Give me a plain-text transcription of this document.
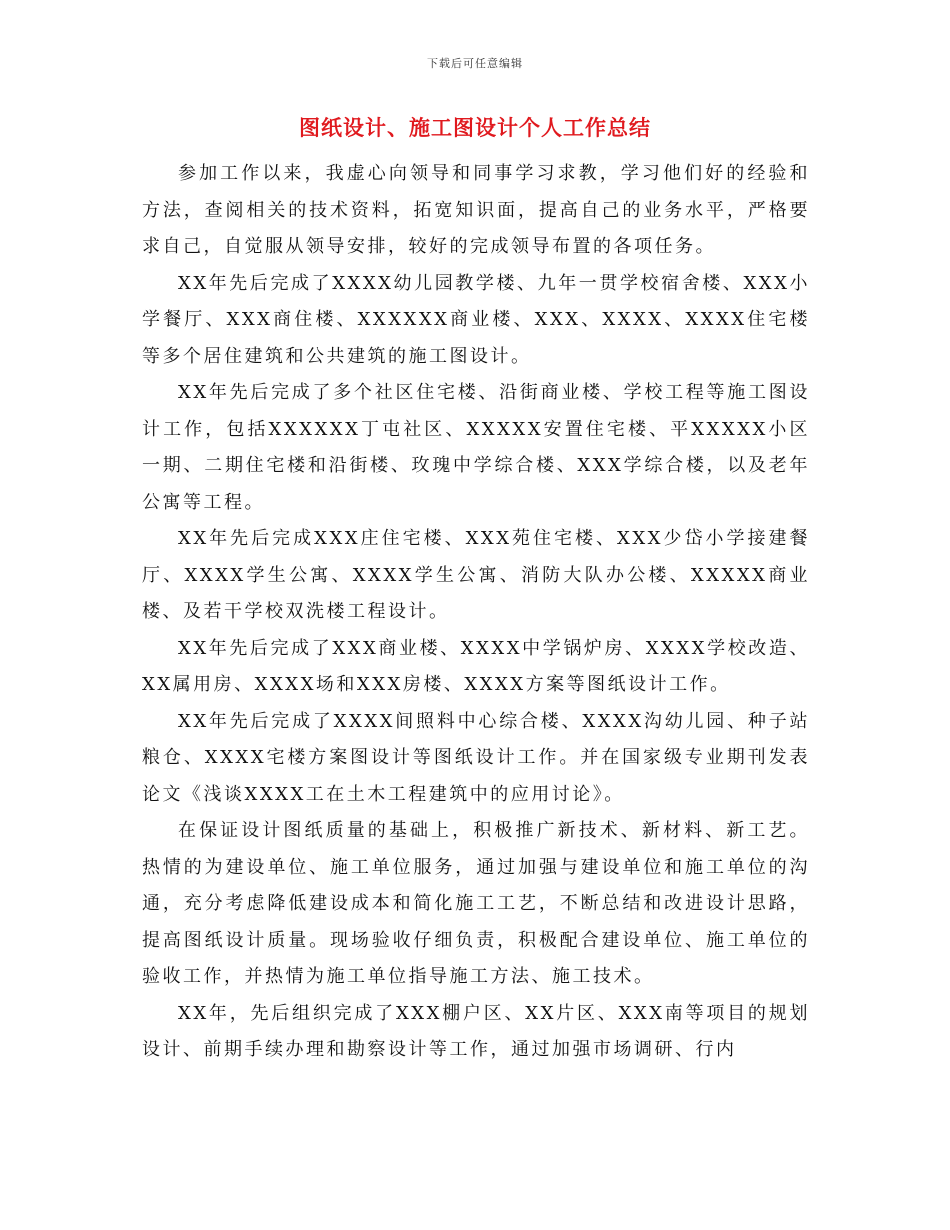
下载后可任意编辑
图纸设计、施工图设计个人工作总结

参加工作以来，我虚心向领导和同事学习求教，学习他们好的经验和方法，查阅相关的技术资料，拓宽知识面，提高自己的业务水平，严格要求自己，自觉服从领导安排，较好的完成领导布置的各项任务。

XX年先后完成了XXXX幼儿园教学楼、九年一贯学校宿舍楼、XXX小学餐厅、XXX商住楼、XXXXXX商业楼、XXX、XXXX、XXXX住宅楼等多个居住建筑和公共建筑的施工图设计。

XX年先后完成了多个社区住宅楼、沿街商业楼、学校工程等施工图设计工作，包括XXXXXX丁屯社区、XXXXX安置住宅楼、平XXXXX小区一期、二期住宅楼和沿街楼、玫瑰中学综合楼、XXX学综合楼，以及老年公寓等工程。

XX年先后完成XXX庄住宅楼、XXX苑住宅楼、XXX少岱小学接建餐厅、XXXX学生公寓、XXXX学生公寓、消防大队办公楼、XXXXX商业楼、及若干学校双洗楼工程设计。

XX年先后完成了XXX商业楼、XXXX中学锅炉房、XXXX学校改造、XX属用房、XXXX场和XXX房楼、XXXX方案等图纸设计工作。

XX年先后完成了XXXX间照料中心综合楼、XXXX沟幼儿园、种子站粮仓、XXXX宅楼方案图设计等图纸设计工作。并在国家级专业期刊发表论文《浅谈XXXX工在土木工程建筑中的应用讨论》。

在保证设计图纸质量的基础上，积极推广新技术、新材料、新工艺。热情的为建设单位、施工单位服务，通过加强与建设单位和施工单位的沟通，充分考虑降低建设成本和简化施工工艺，不断总结和改进设计思路，提高图纸设计质量。现场验收仔细负责，积极配合建设单位、施工单位的验收工作，并热情为施工单位指导施工方法、施工技术。

XX年，先后组织完成了XXX棚户区、XX片区、XXX南等项目的规划设计、前期手续办理和勘察设计等工作，通过加强市场调研、行内
